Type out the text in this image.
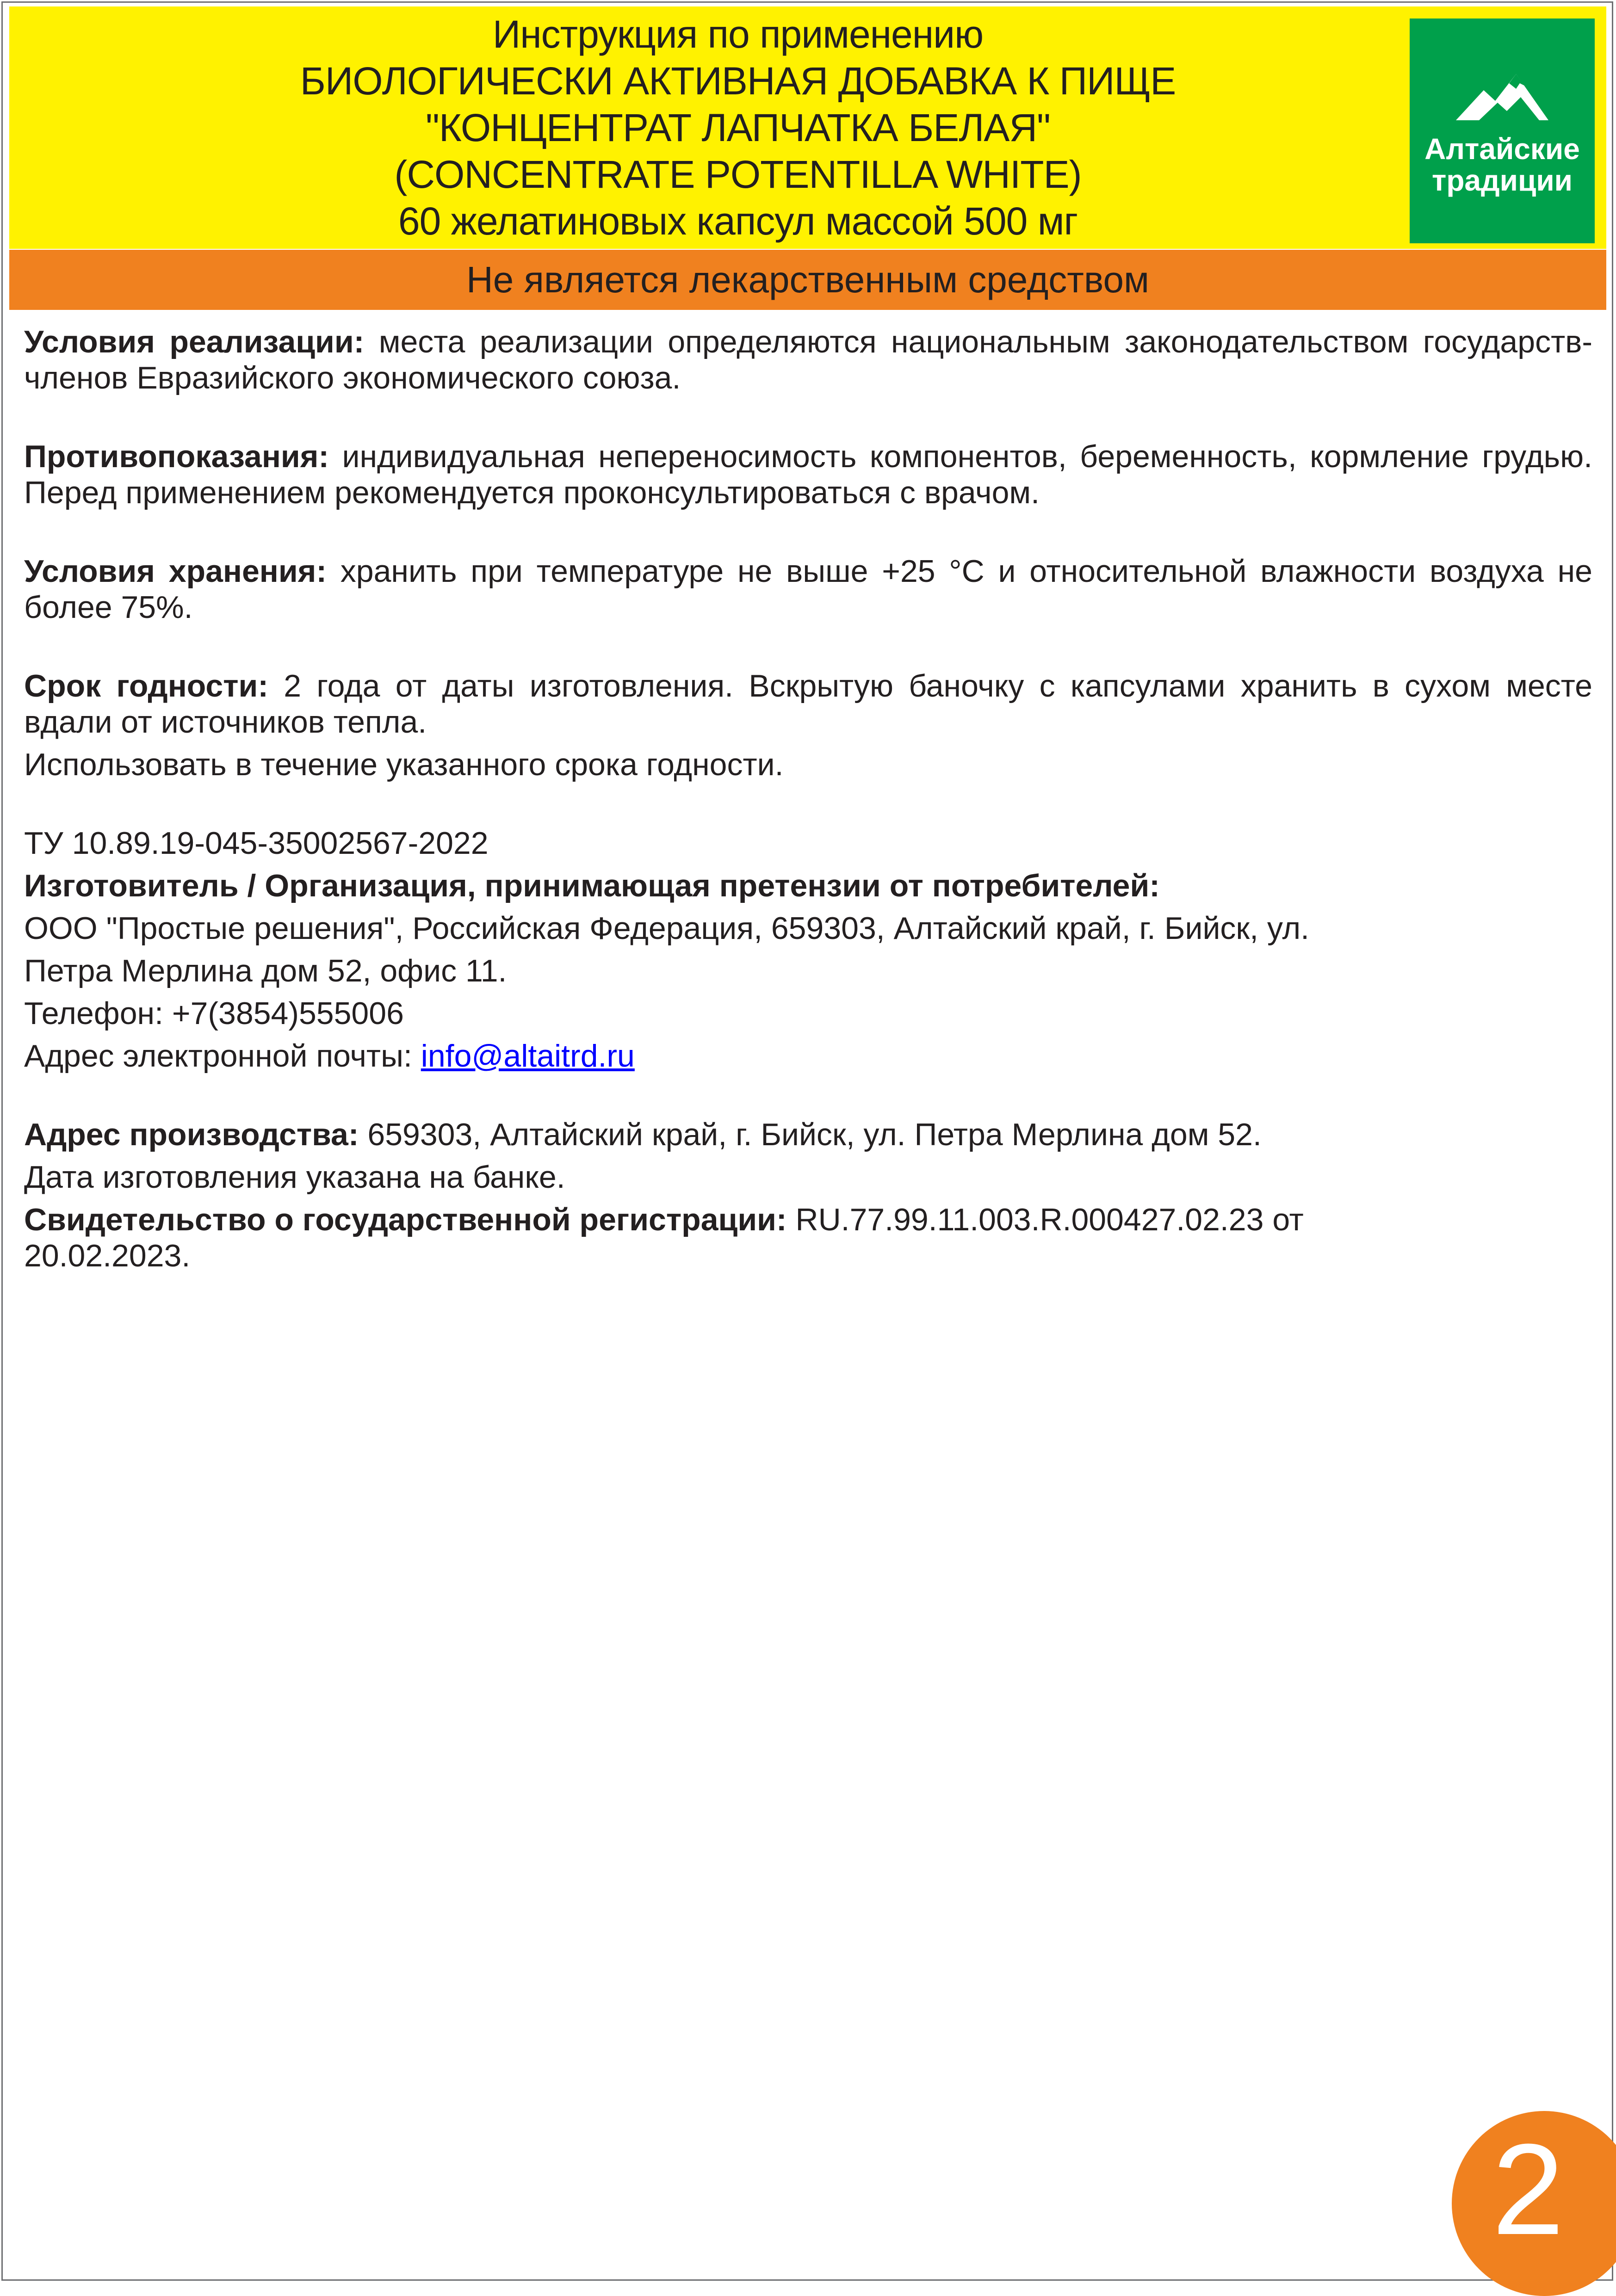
Инструкция по применению
БИОЛОГИЧЕСКИ АКТИВНАЯ ДОБАВКА К ПИЩЕ
"КОНЦЕНТРАТ ЛАПЧАТКА БЕЛАЯ"
(CONCENTRATE POTENTILLA WHITE)
60 желатиновых капсул массой 500 мг
Алтайские
традиции
Не является лекарственным средством

Условия реализации: места реализации определяются национальным законодательством государств-членов Евразийского экономического союза.

Противопоказания: индивидуальная непереносимость компонентов, беременность, кормление грудью. Перед применением рекомендуется проконсультироваться с врачом.

Условия хранения: хранить при температуре не выше +25 °С и относительной влажности воздуха не более 75%.

Срок годности: 2 года от даты изготовления. Вскрытую баночку с капсулами хранить в сухом месте вдали от источников тепла.

Использовать в течение указанного срока годности.

ТУ 10.89.19-045-35002567-2022

Изготовитель / Организация, принимающая претензии от потребителей:

ООО "Простые решения", Российская Федерация, 659303, Алтайский край, г. Бийск, ул.

Петра Мерлина дом 52, офис 11.

Телефон: +7(3854)555006

Адрес электронной почты: info@altaitrd.ru

Адрес производства: 659303, Алтайский край, г. Бийск, ул. Петра Мерлина дом 52.

Дата изготовления указана на банке.

Свидетельство о государственной регистрации: RU.77.99.11.003.R.000427.02.23 от 20.02.2023.

2
